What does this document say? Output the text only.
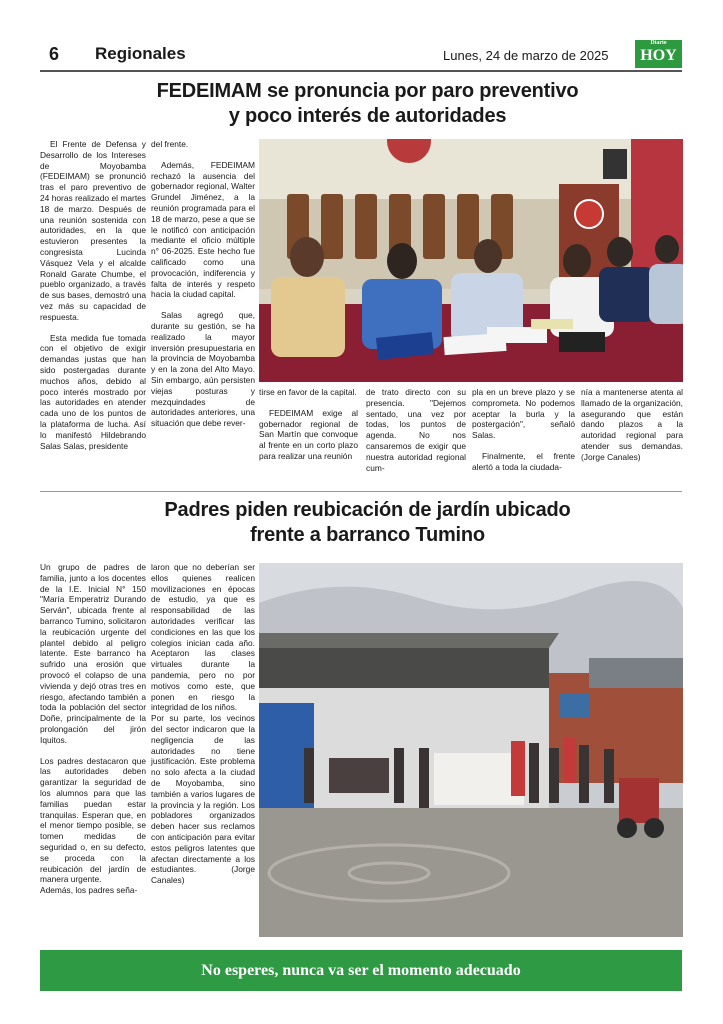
6 Regionales	Lunes, 24 de marzo de 2025
Diario
HOY
FEDEIMAM se pronuncia por paro preventivo
y poco interés de autoridades

El Frente de Defensa y Desarrollo de los Intereses de Moyobamba (FEDEIMAM) se pronunció tras el paro preventivo de 24 horas realizado el martes 18 de marzo. Después de una reunión sostenida con autoridades, en la que estuvieron presentes la congresista Lucinda Vásquez Vela y el alcalde Ronald Garate Chumbe, el pueblo organizado, a través de sus bases, demostró una vez más su capacidad de respuesta.

Esta medida fue tomada con el objetivo de exigir demandas justas que han sido postergadas durante muchos años, debido al poco interés mostrado por las autoridades en atender cada uno de los puntos de la plataforma de lucha. Así lo manifestó Hildebrando Salas Salas, presidente

del frente.

Además, FEDEIMAM rechazó la ausencia del gobernador regional, Walter Grundel Jiménez, a la reunión programada para el 18 de marzo, pese a que se le notificó con anticipación mediante el oficio múltiple n° 06-2025. Este hecho fue calificado como una provocación, indiferencia y falta de interés y respeto hacia la ciudad capital.

Salas agregó que, durante su gestión, se ha realizado la mayor inversión presupuestaria en la provincia de Moyobamba y en la zona del Alto Mayo. Sin embargo, aún persisten viejas posturas y mezquindades de autoridades anteriores, una situación que debe rever-

tirse en favor de la capital.

FEDEIMAM exige al gobernador regional de San Martín que convoque al frente en un corto plazo para realizar una reunión

de trato directo con su presencia. "Dejemos sentado, una vez por todas, los puntos de agenda. No nos cansaremos de exigir que nuestra autoridad regional cum-

pla en un breve plazo y se comprometa. No podemos aceptar la burla y la postergación", señaló Salas.

Finalmente, el frente alertó a toda la ciudada-

nía a mantenerse atenta al llamado de la organización, asegurando que están dando plazos a la autoridad regional para atender sus demandas. (Jorge Canales)

Padres piden reubicación de jardín ubicado
frente a barranco Tumino

Un grupo de padres de familia, junto a los docentes de la I.E. Inicial N° 150 "María Emperatriz Durando Serván", ubicada frente al barranco Tumino, solicitaron la reubicación urgente del plantel debido al peligro latente. Este barranco ha sufrido una erosión que provocó el colapso de una vivienda y dejó otras tres en riesgo, afectando también a toda la población del sector Doñe, principalmente de la prolongación del jirón Iquitos.

Los padres destacaron que las autoridades deben garantizar la seguridad de los alumnos para que las familias puedan estar tranquilas. Esperan que, en el menor tiempo posible, se tomen medidas de seguridad o, en su defecto, se proceda con la reubicación del jardín de manera urgente.

Además, los padres seña-

laron que no deberían ser ellos quienes realicen movilizaciones en épocas de estudio, ya que es responsabilidad de las autoridades verificar las condiciones en las que los colegios inician cada año. Aceptaron las clases virtuales durante la pandemia, pero no por motivos como este, que ponen en riesgo la integridad de los niños.

Por su parte, los vecinos del sector indicaron que la negligencia de las autoridades no tiene justificación. Este problema no solo afecta a la ciudad de Moyobamba, sino también a varios lugares de la provincia y la región. Los pobladores organizados deben hacer sus reclamos con anticipación para evitar estos peligros latentes que afectan directamente a los estudiantes. (Jorge Canales)

No esperes, nunca va ser el momento adecuado
